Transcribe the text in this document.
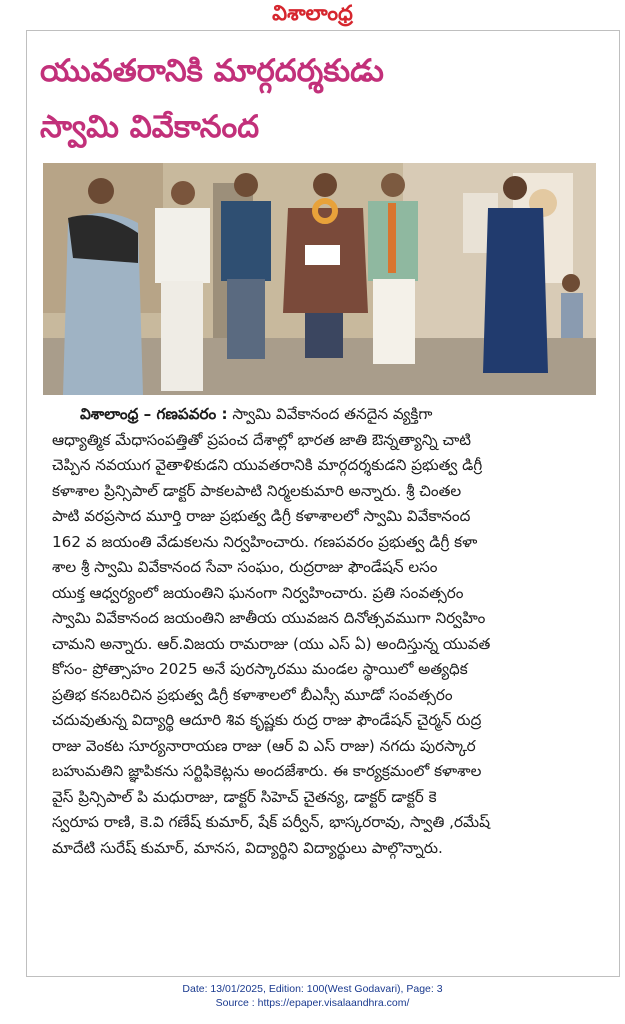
విశాలాంధ్ర
యువతరానికి మార్గదర్శకుడు
స్వామి వివేకానంద
విశాలాంధ్ర – గణపవరం : స్వామి వివేకానంద తనదైన వ్యక్తిగా
ఆధ్యాత్మిక మేధాసంపత్తితో ప్రపంచ దేశాల్లో భారత జాతి ఔన్నత్యాన్ని చాటి
చెప్పిన నవయుగ వైతాళికుడని యువతరానికి మార్గదర్శకుడని ప్రభుత్వ డిగ్రీ
కళాశాల ప్రిన్సిపాల్ డాక్టర్ పాకలపాటి నిర్మలకుమారి అన్నారు. శ్రీ చింతల
పాటి వరప్రసాద మూర్తి రాజు ప్రభుత్వ డిగ్రీ కళాశాలలో స్వామి వివేకానంద
162 వ జయంతి వేడుకలను నిర్వహించారు. గణపవరం ప్రభుత్వ డిగ్రీ కళా
శాల శ్రీ స్వామి వివేకానంద సేవా సంఘం, రుద్రరాజు ఫౌండేషన్ లసం
యుక్త ఆధ్వర్యంలో జయంతిని ఘనంగా నిర్వహించారు. ప్రతి సంవత్సరం
స్వామి వివేకానంద జయంతిని జాతీయ యువజన దినోత్సవముగా నిర్వహిం
చామని అన్నారు. ఆర్.విజయ రామరాజు (యు ఎస్ ఏ) అందిస్తున్న యువత
కోసం- ప్రోత్సాహం 2025 అనే పురస్కారము మండల స్థాయిలో అత్యధిక
ప్రతిభ కనబరిచిన ప్రభుత్వ డిగ్రీ కళాశాలలో బీఎస్సీ మూడో సంవత్సరం
చదువుతున్న విద్యార్థి ఆదూరి శివ కృష్ణకు రుద్ర రాజు ఫౌండేషన్ చైర్మన్ రుద్ర
రాజు వెంకట సూర్యనారాయణ రాజు (ఆర్ వి ఎస్ రాజు) నగదు పురస్కార
బహుమతిని జ్ఞాపికను సర్టిఫికెట్లను అందజేశారు. ఈ కార్యక్రమంలో కళాశాల
వైస్ ప్రిన్సిపాల్ పి మధురాజు, డాక్టర్ సిహెచ్ చైతన్య, డాక్టర్ డాక్టర్ కె
స్వరూప రాణి, కె.వి గణేష్ కుమార్, షేక్ పర్వీన్, భాస్కరరావు, స్వాతి ,రమేష్
మాదేటి సురేష్ కుమార్, మానస, విద్యార్థిని విద్యార్థులు పాల్గొన్నారు.
Date: 13/01/2025, Edition: 100(West Godavari), Page: 3
Source : https://epaper.visalaandhra.com/
